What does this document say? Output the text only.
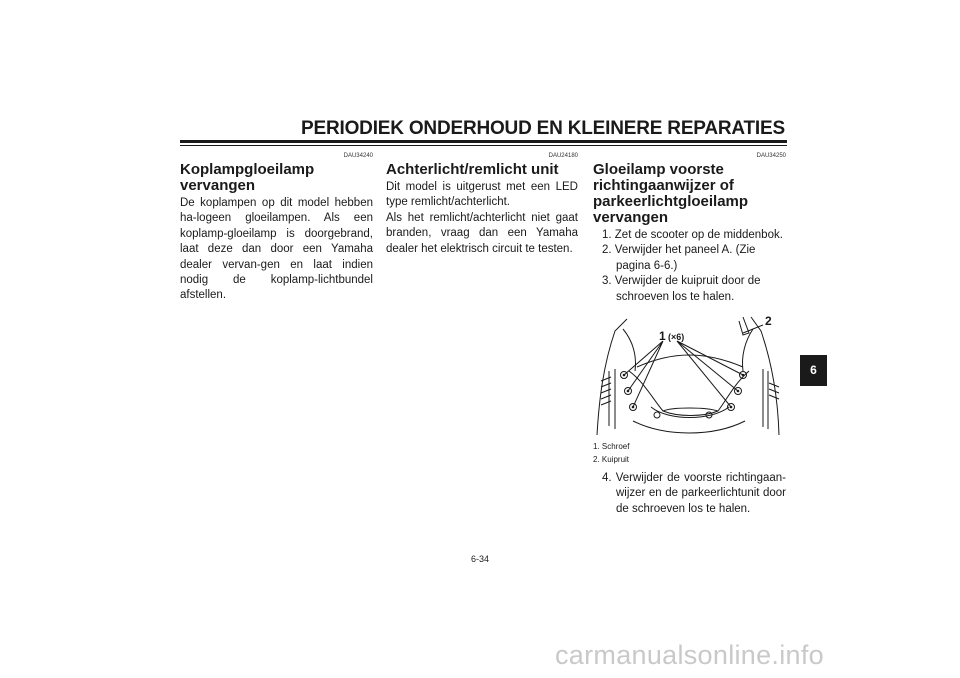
PERIODIEK ONDERHOUD EN KLEINERE REPARATIES
DAU34240
Koplampgloeilamp vervangen
De koplampen op dit model hebben ha-logeen gloeilampen. Als een koplamp-gloeilamp is doorgebrand, laat deze dan door een Yamaha dealer vervan-gen en laat indien nodig de koplamp-lichtbundel afstellen.
DAU24180
Achterlicht/remlicht unit
Dit model is uitgerust met een LED type remlicht/achterlicht.
Als het remlicht/achterlicht niet gaat branden, vraag dan een Yamaha dealer het elektrisch circuit te testen.
DAU34250
Gloeilamp voorste richtingaanwijzer of parkeerlichtgloeilamp vervangen
1. Zet de scooter op de middenbok.
2. Verwijder het paneel A. (Zie pagina 6-6.)
3. Verwijder de kuipruit door de schroeven los te halen.
1 (×6)
2
1. Schroef
2. Kuipruit
4. Verwijder de voorste richtingaan-wijzer en de parkeerlichtunit door de schroeven los te halen.
6
6-34
carmanualsonline.info
